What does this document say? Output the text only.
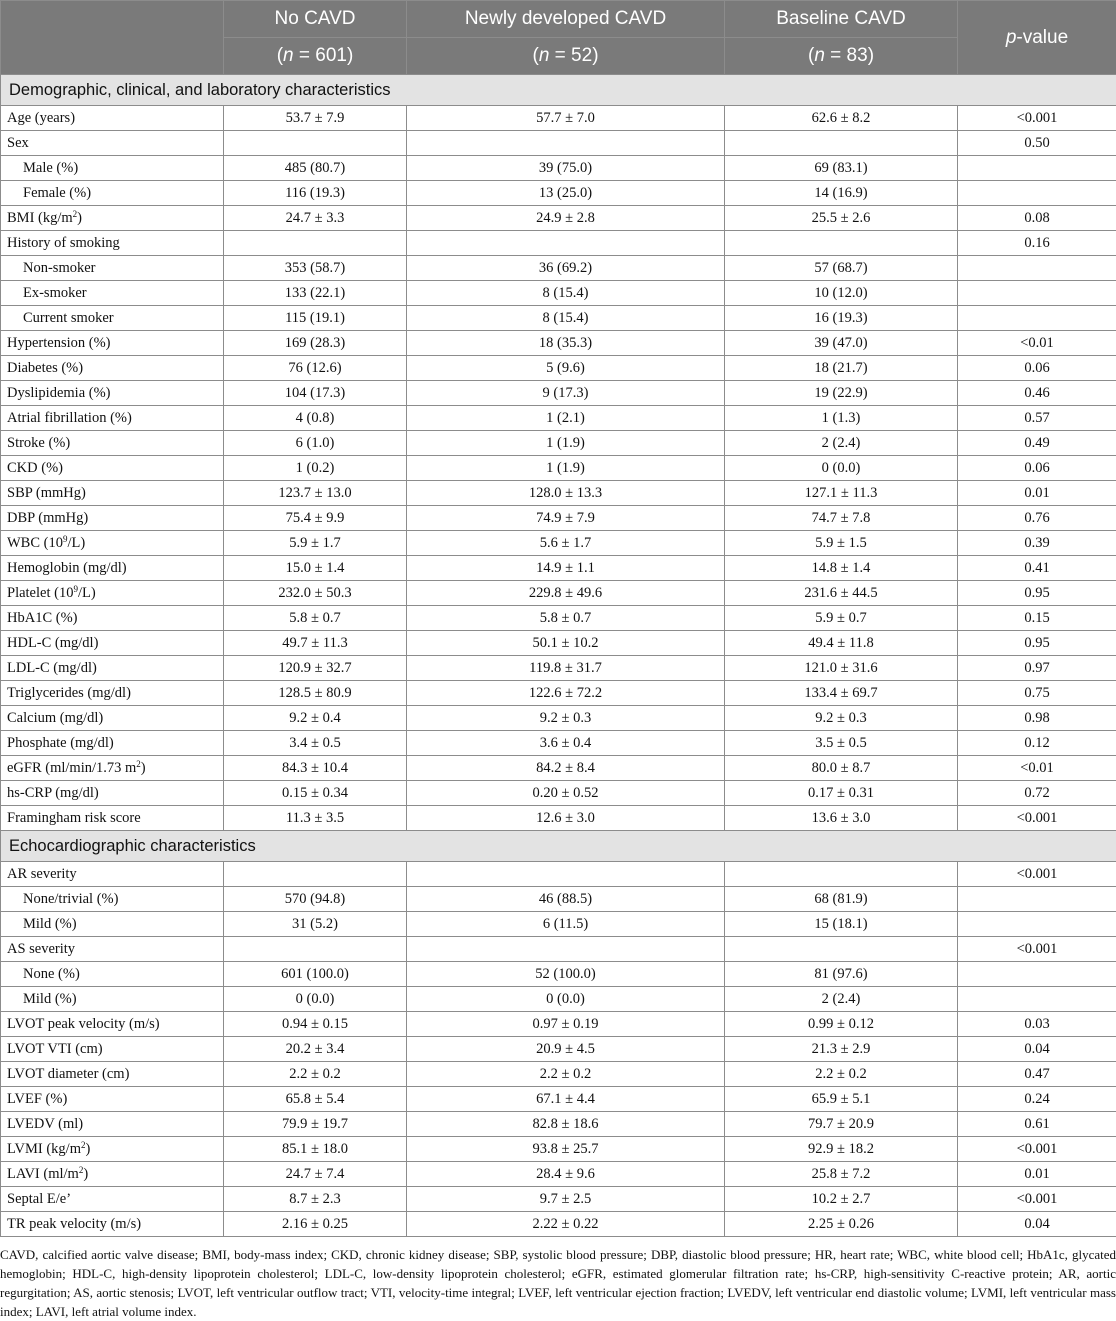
	No CAVD	Newly developed CAVD	Baseline CAVD	p-value
	(n = 601)	(n = 52)	(n = 83)	
Demographic, clinical, and laboratory characteristics				
Age (years)	53.7 ± 7.9	57.7 ± 7.0	62.6 ± 8.2	<0.001
Sex				0.50
Male (%)	485 (80.7)	39 (75.0)	69 (83.1)	
Female (%)	116 (19.3)	13 (25.0)	14 (16.9)	
BMI $(kg/m^2)$	24.7 ± 3.3	24.9 ± 2.8	25.5 ± 2.6	0.08
History of smoking				0.16
Non-smoker	353 (58.7)	36 (69.2)	57 (68.7)	
Ex-smoker	133 (22.1)	8 (15.4)	10 (12.0)	
Current smoker	115 (19.1)	8 (15.4)	16 (19.3)	
Hypertension (%)	169 (28.3)	18 (35.3)	39 (47.0)	<0.01
Diabetes (%)	76 (12.6)	5 (9.6)	18 (21.7)	0.06
Dyslipidemia (%)	104 (17.3)	9 (17.3)	19 (22.9)	0.46
Atrial fibrillation (%)	4 (0.8)	1 (2.1)	1 (1.3)	0.57
Stroke (%)	6 (1.0)	1 (1.9)	2 (2.4)	0.49
CKD (%)	1 (0.2)	1 (1.9)	0 (0.0)	0.06
SBP (mmHg)	123.7 ± 13.0	128.0 ± 13.3	127.1 ± 11.3	0.01
DBP (mmHg)	75.4 ± 9.9	74.9 ± 7.9	74.7 ± 7.8	0.76
WBC $(10^9/L)$	5.9 ± 1.7	5.6 ± 1.7	5.9 ± 1.5	0.39
Hemoglobin (mg/dl)	15.0 ± 1.4	14.9 ± 1.1	14.8 ± 1.4	0.41
Platelet $(10^9/L)$	232.0 ± 50.3	229.8 ± 49.6	231.6 ± 44.5	0.95
HbA1C (%)	5.8 ± 0.7	5.8 ± 0.7	5.9 ± 0.7	0.15
HDL-C (mg/dl)	49.7 ± 11.3	50.1 ± 10.2	49.4 ± 11.8	0.95
LDL-C (mg/dl)	120.9 ± 32.7	119.8 ± 31.7	121.0 ± 31.6	0.97
Triglycerides (mg/dl)	128.5 ± 80.9	122.6 ± 72.2	133.4 ± 69.7	0.75
Calcium (mg/dl)	9.2 ± 0.4	9.2 ± 0.3	9.2 ± 0.3	0.98
Phosphate (mg/dl)	3.4 ± 0.5	3.6 ± 0.4	3.5 ± 0.5	0.12
eGFR (ml/min/1.73 $m^2$)	84.3 ± 10.4	84.2 ± 8.4	80.0 ± 8.7	<0.01
hs-CRP (mg/dl)	0.15 ± 0.34	0.20 ± 0.52	0.17 ± 0.31	0.72
Framingham risk score	11.3 ± 3.5	12.6 ± 3.0	13.6 ± 3.0	<0.001
Echocardiographic characteristics				
AR severity				<0.001
None/trivial (%)	570 (94.8)	46 (88.5)	68 (81.9)	
Mild (%)	31 (5.2)	6 (11.5)	15 (18.1)	
AS severity				<0.001
None (%)	601 (100.0)	52 (100.0)	81 (97.6)	
Mild (%)	0 (0.0)	0 (0.0)	2 (2.4)	
LVOT peak velocity (m/s)	0.94 ± 0.15	0.97 ± 0.19	0.99 ± 0.12	0.03
LVOT VTI (cm)	20.2 ± 3.4	20.9 ± 4.5	21.3 ± 2.9	0.04
LVOT diameter (cm)	2.2 ± 0.2	2.2 ± 0.2	2.2 ± 0.2	0.47
LVEF (%)	65.8 ± 5.4	67.1 ± 4.4	65.9 ± 5.1	0.24
LVEDV (ml)	79.9 ± 19.7	82.8 ± 18.6	79.7 ± 20.9	0.61
LVMI $(kg/m^2)$	85.1 ± 18.0	93.8 ± 25.7	92.9 ± 18.2	<0.001
LAVI $(ml/m^2)$	24.7 ± 7.4	28.4 ± 9.6	25.8 ± 7.2	0.01
Septal E/e’	8.7 ± 2.3	9.7 ± 2.5	10.2 ± 2.7	<0.001
TR peak velocity (m/s)	2.16 ± 0.25	2.22 ± 0.22	2.25 ± 0.26	0.04
CAVD, calcified aortic valve disease; BMI, body-mass index; CKD, chronic kidney disease; SBP, systolic blood pressure; DBP, diastolic blood pressure; HR, heart rate; WBC, white blood cell; HbA1c, glycated hemoglobin; HDL-C, high-density lipoprotein cholesterol; LDL-C, low-density lipoprotein cholesterol; eGFR, estimated glomerular filtration rate; hs-CRP, high-sensitivity C-reactive protein; AR, aortic regurgitation; AS, aortic stenosis; LVOT, left ventricular outflow tract; VTI, velocity-time integral; LVEF, left ventricular ejection fraction; LVEDV, left ventricular end diastolic volume; LVMI, left ventricular mass index; LAVI, left atrial volume index.
